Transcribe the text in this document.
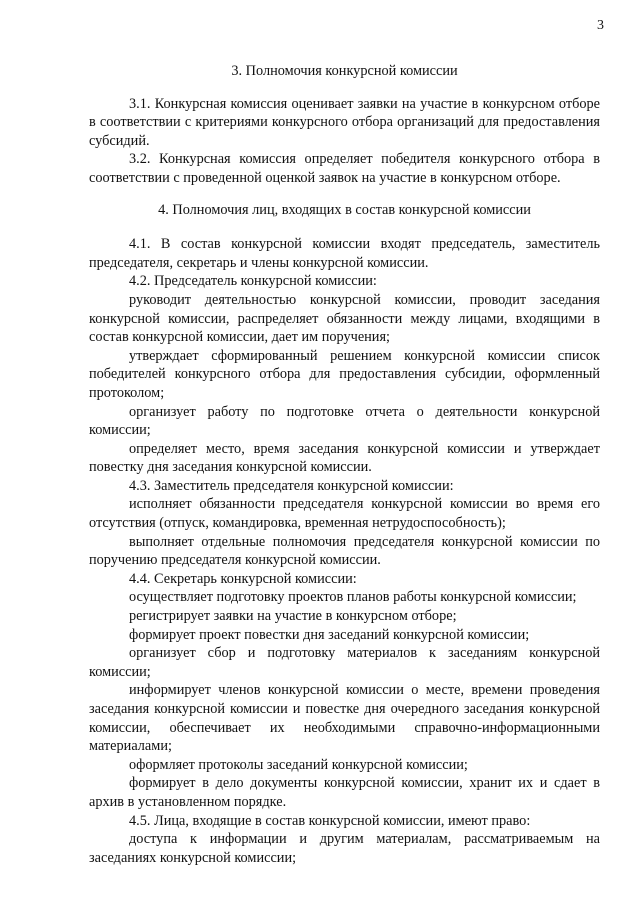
3

3. Полномочия конкурсной комиссии

3.1. Конкурсная комиссия оценивает заявки на участие в конкурсном отборе в соответствии с критериями конкурсного отбора организаций для предоставления субсидий.

3.2. Конкурсная комиссия определяет победителя конкурсного отбора в соответствии с проведенной оценкой заявок на участие в конкурсном отборе.

4. Полномочия лиц, входящих в состав конкурсной комиссии

4.1. В состав конкурсной комиссии входят председатель, заместитель председателя, секретарь и члены конкурсной комиссии.

4.2. Председатель конкурсной комиссии:

руководит деятельностью конкурсной комиссии, проводит заседания конкурсной комиссии, распределяет обязанности между лицами, входящими в состав конкурсной комиссии, дает им поручения;

утверждает сформированный решением конкурсной комиссии список победителей конкурсного отбора для предоставления субсидии, оформленный протоколом;

организует работу по подготовке отчета о деятельности конкурсной комиссии;

определяет место, время заседания конкурсной комиссии и утверждает повестку дня заседания конкурсной комиссии.

4.3. Заместитель председателя конкурсной комиссии:

исполняет обязанности председателя конкурсной комиссии во время его отсутствия (отпуск, командировка, временная нетрудоспособность);

выполняет отдельные полномочия председателя конкурсной комиссии по поручению председателя конкурсной комиссии.

4.4. Секретарь конкурсной комиссии:

осуществляет подготовку проектов планов работы конкурсной комиссии;

регистрирует заявки на участие в конкурсном отборе;

формирует проект повестки дня заседаний конкурсной комиссии;

организует сбор и подготовку материалов к заседаниям конкурсной комиссии;

информирует членов конкурсной комиссии о месте, времени проведения заседания конкурсной комиссии и повестке дня очередного заседания конкурсной комиссии, обеспечивает их необходимыми справочно-информационными материалами;

оформляет протоколы заседаний конкурсной комиссии;

формирует в дело документы конкурсной комиссии, хранит их и сдает в архив в установленном порядке.

4.5. Лица, входящие в состав конкурсной комиссии, имеют право:

доступа к информации и другим материалам, рассматриваемым на заседаниях конкурсной комиссии;
